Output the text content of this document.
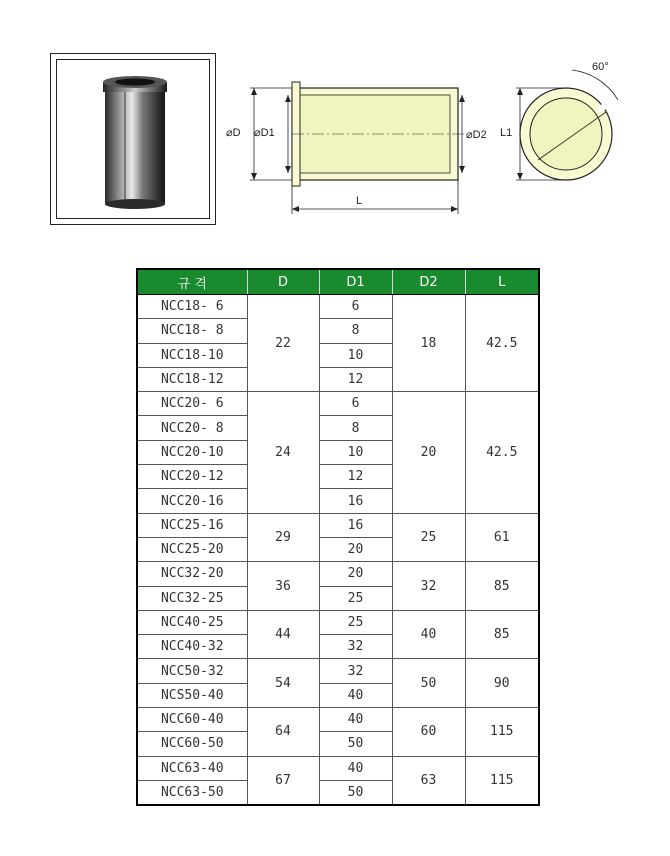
⌀D ⌀D1	⌀D2
L
60°
L1
규 격	D	D1	D2	L
NCC18- 6	22	6	18	42.5
NCC18- 8		8		
NCC18-10		10		
NCC18-12		12		
NCC20- 6	24	6	20	42.5
NCC20- 8		8		
NCC20-10		10		
NCC20-12		12		
NCC20-16		16		
NCC25-16	29	16	25	61
NCC25-20		20		
NCC32-20	36	20	32	85
NCC32-25		25		
NCC40-25	44	25	40	85
NCC40-32		32		
NCC50-32	54	32	50	90
NCS50-40		40		
NCC60-40	64	40	60	115
NCC60-50		50		
NCC63-40	67	40	63	115
NCC63-50		50		
